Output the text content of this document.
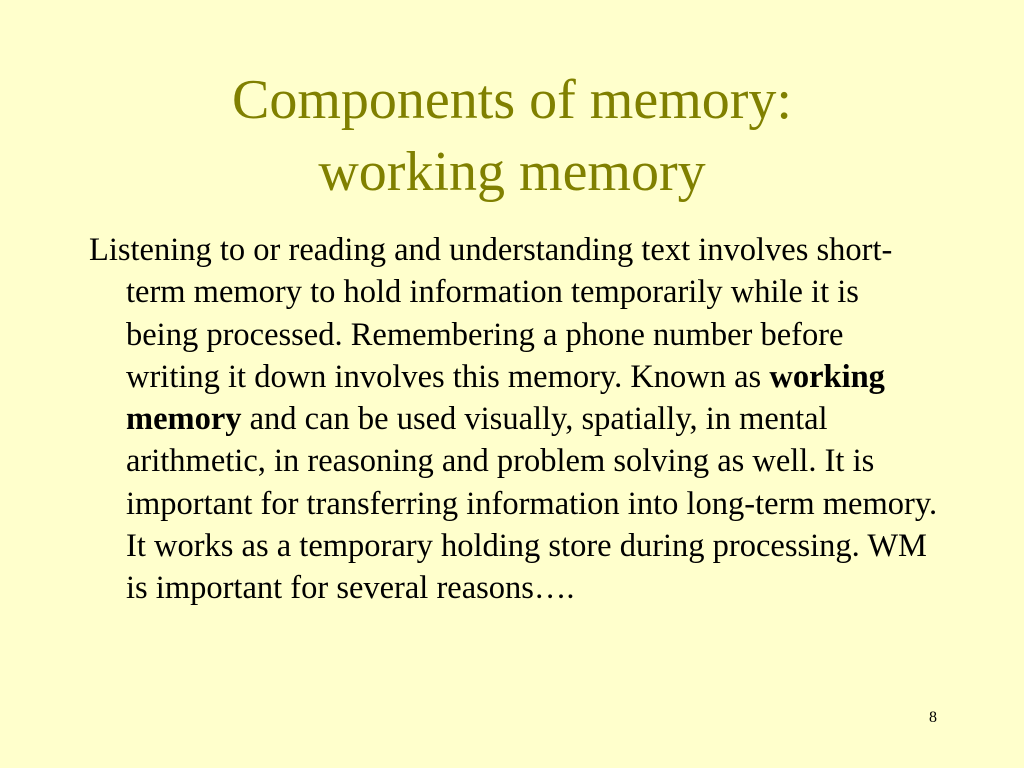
Components of memory:
working memory
Listening to or reading and understanding text involves short-term memory to hold information temporarily while it is being processed. Remembering a phone number before writing it down involves this memory. Known as working memory and can be used visually, spatially, in mental arithmetic, in reasoning and problem solving as well. It is important for transferring information into long-term memory. It works as a temporary holding store during processing. WM is important for several reasons….
8
